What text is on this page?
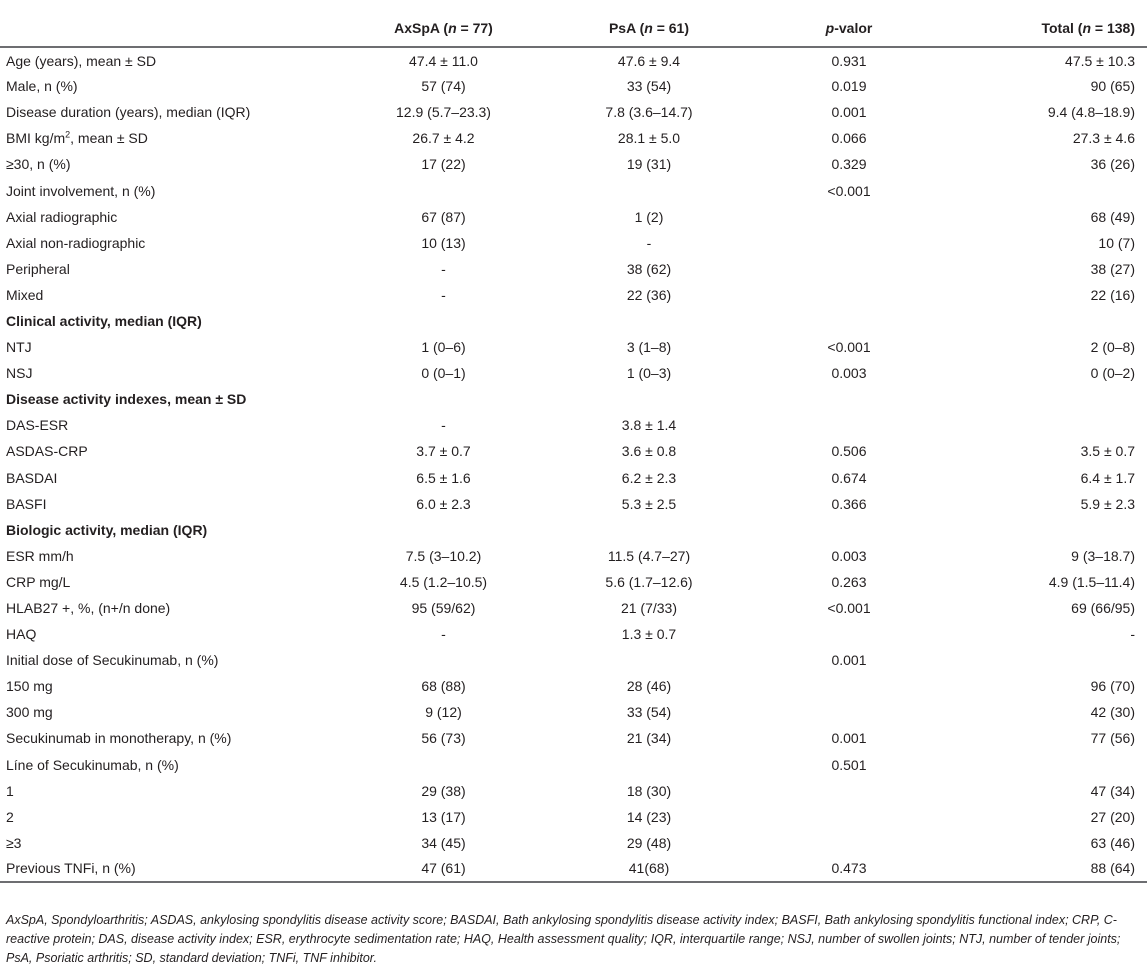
	AxSpA (n = 77)	PsA (n = 61)	p-valor	Total (n = 138)
Age (years), mean ± SD	47.4 ± 11.0	47.6 ± 9.4	0.931	47.5 ± 10.3
Male, n (%)	57 (74)	33 (54)	0.019	90 (65)
Disease duration (years), median (IQR)	12.9 (5.7–23.3)	7.8 (3.6–14.7)	0.001	9.4 (4.8–18.9)
BMI $kg/m^2$, mean ± SD	26.7 ± 4.2	28.1 ± 5.0	0.066	27.3 ± 4.6
≥30, n (%)	17 (22)	19 (31)	0.329	36 (26)
Joint involvement, n (%)			<0.001	
Axial radiographic	67 (87)	1 (2)		68 (49)
Axial non-radiographic	10 (13)	-		10 (7)
Peripheral	-	38 (62)		38 (27)
Mixed	-	22 (36)		22 (16)
Clinical activity, median (IQR)				
NTJ	1 (0–6)	3 (1–8)	<0.001	2 (0–8)
NSJ	0 (0–1)	1 (0–3)	0.003	0 (0–2)
Disease activity indexes, mean ± SD				
DAS-ESR	-	3.8 ± 1.4		
ASDAS-CRP	3.7 ± 0.7	3.6 ± 0.8	0.506	3.5 ± 0.7
BASDAI	6.5 ± 1.6	6.2 ± 2.3	0.674	6.4 ± 1.7
BASFI	6.0 ± 2.3	5.3 ± 2.5	0.366	5.9 ± 2.3
Biologic activity, median (IQR)				
ESR mm/h	7.5 (3–10.2)	11.5 (4.7–27)	0.003	9 (3–18.7)
CRP mg/L	4.5 (1.2–10.5)	5.6 (1.7–12.6)	0.263	4.9 (1.5–11.4)
HLAB27 +, %, (n+/n done)	95 (59/62)	21 (7/33)	<0.001	69 (66/95)
HAQ	-	1.3 ± 0.7		-
Initial dose of Secukinumab, n (%)			0.001	
150 mg	68 (88)	28 (46)		96 (70)
300 mg	9 (12)	33 (54)		42 (30)
Secukinumab in monotherapy, n (%)	56 (73)	21 (34)	0.001	77 (56)
Líne of Secukinumab, n (%)			0.501	
1	29 (38)	18 (30)		47 (34)
2	13 (17)	14 (23)		27 (20)
≥3	34 (45)	29 (48)		63 (46)
Previous TNFi, n (%)	47 (61)	41(68)	0.473	88 (64)
AxSpA, Spondyloarthritis; ASDAS, ankylosing spondylitis disease activity score; BASDAI, Bath ankylosing spondylitis disease activity index; BASFI, Bath ankylosing spondylitis functional index; CRP, C-reactive protein; DAS, disease activity index; ESR, erythrocyte sedimentation rate; HAQ, Health assessment quality; IQR, interquartile range; NSJ, number of swollen joints; NTJ, number of tender joints; PsA, Psoriatic arthritis; SD, standard deviation; TNFi, TNF inhibitor.
